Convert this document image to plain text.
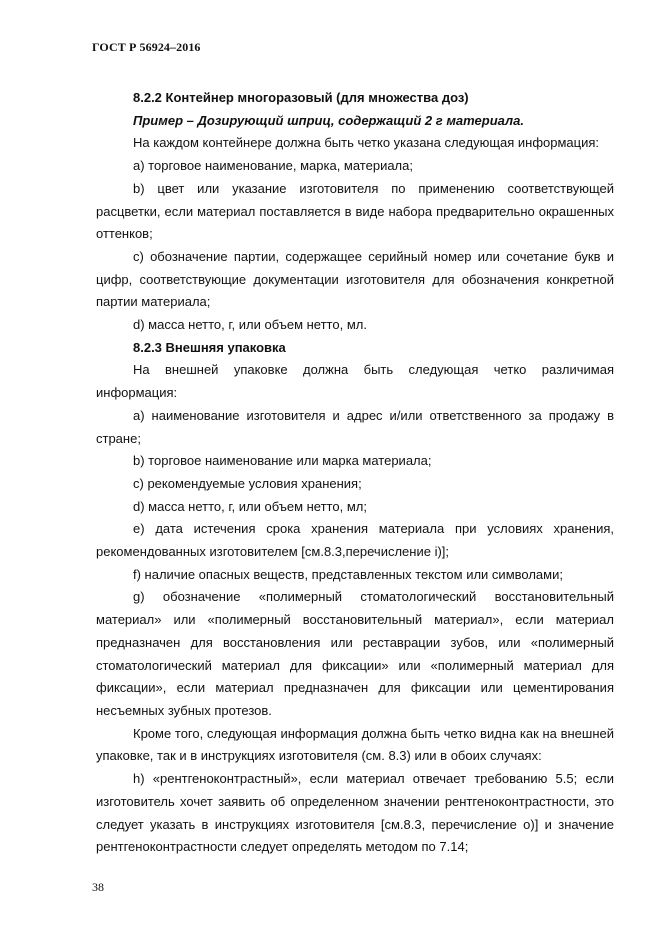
ГОСТ Р 56924–2016

8.2.2 Контейнер многоразовый (для множества доз)

Пример – Дозирующий шприц, содержащий 2 г материала.

На каждом контейнере должна быть четко указана следующая информация:

a) торговое наименование, марка, материала;

b) цвет или указание изготовителя по применению соответствующей расцветки, если материал поставляется в виде набора предварительно окрашенных оттенков;

c) обозначение партии, содержащее серийный номер или сочетание букв и цифр, соответствующие документации изготовителя для обозначения конкретной партии материала;

d) масса нетто, г, или объем нетто, мл.

8.2.3 Внешняя упаковка

На внешней упаковке должна быть следующая четко различимая информация:

a) наименование изготовителя и адрес и/или ответственного за продажу в стране;

b) торговое наименование или марка материала;

c) рекомендуемые условия хранения;

d) масса нетто, г, или объем нетто, мл;

e) дата истечения срока хранения материала при условиях хранения, рекомендованных изготовителем [см.8.3,перечисление i)];

f) наличие опасных веществ, представленных текстом или символами;

g) обозначение «полимерный стоматологический восстановительный материал» или «полимерный восстановительный материал», если материал предназначен для восстановления или реставрации зубов, или «полимерный стоматологический материал для фиксации» или «полимерный материал для фиксации», если материал предназначен для фиксации или цементирования несъемных зубных протезов.

Кроме того, следующая информация должна быть четко видна как на внешней упаковке, так и в инструкциях изготовителя (см. 8.3) или в обоих случаях:

h) «рентгеноконтрастный», если материал отвечает требованию 5.5; если изготовитель хочет заявить об определенном значении рентгеноконтрастности, это следует указать в инструкциях изготовителя [см.8.3, перечисление o)] и значение рентгеноконтрастности следует определять методом по 7.14;

38
